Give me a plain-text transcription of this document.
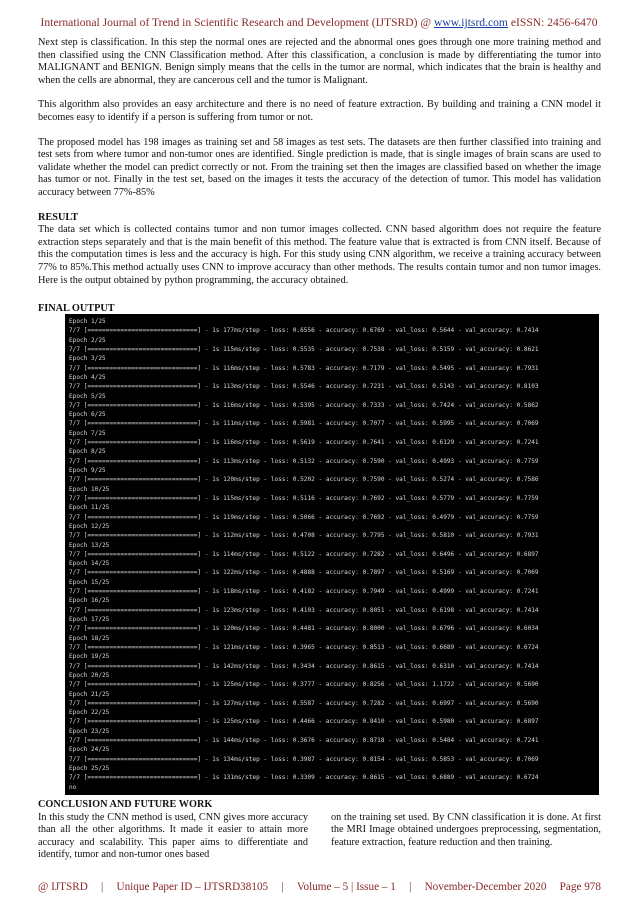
International Journal of Trend in Scientific Research and Development (IJTSRD) @ www.ijtsrd.com eISSN: 2456-6470

Next step is classification. In this step the normal ones are rejected and the abnormal ones goes through one more training method and then classified using the CNN Classification method. After this classification, a conclusion is made by differentiating the tumor into MALIGNANT and BENIGN. Benign simply means that the cells in the tumor are normal, which indicates that the brain is healthy and when the cells are abnormal, they are cancerous cell and the tumor is Malignant.

This algorithm also provides an easy architecture and there is no need of feature extraction. By building and training a CNN model it becomes easy to identify if a person is suffering from tumor or not.

The proposed model has 198 images as training set and 58 images as test sets. The datasets are then further classified into training and test sets from where tumor and non-tumor ones are identified. Single prediction is made, that is single images of brain scans are used to validate whether the model can predict correctly or not. From the training set then the images are classified based on whether the image has tumor or not. Finally in the test set, based on the images it tests the accuracy of the detection of tumor. This model has validation accuracy between 77%-85%

RESULT

The data set which is collected contains tumor and non tumor images collected. CNN based algorithm does not require the feature extraction steps separately and that is the main benefit of this method. The feature value that is extracted is from CNN itself. Because of this the computation times is less and the accuracy is high. For this study using CNN algorithm, we receive a training accuracy between 77% to 85%.This method actually uses CNN to improve accuracy than other methods. The results contain tumor and non tumor images. Here is the output obtained by python programming, the accuracy obtained.

FINAL OUTPUT
Epoch 1/25
7/7 [==============================] - 1s 177ms/step - loss: 0.6556 - accuracy: 0.6769 - val_loss: 0.5644 - val_accuracy: 0.7414
Epoch 2/25
7/7 [==============================] - 1s 115ms/step - loss: 0.5535 - accuracy: 0.7538 - val_loss: 0.5159 - val_accuracy: 0.8621
Epoch 3/25
7/7 [==============================] - 1s 116ms/step - loss: 0.5783 - accuracy: 0.7179 - val_loss: 0.5495 - val_accuracy: 0.7931
Epoch 4/25
7/7 [==============================] - 1s 113ms/step - loss: 0.5546 - accuracy: 0.7231 - val_loss: 0.5143 - val_accuracy: 0.8103
Epoch 5/25
7/7 [==============================] - 1s 116ms/step - loss: 0.5395 - accuracy: 0.7333 - val_loss: 0.7424 - val_accuracy: 0.5862
Epoch 6/25
7/7 [==============================] - 1s 111ms/step - loss: 0.5981 - accuracy: 0.7077 - val_loss: 0.5995 - val_accuracy: 0.7069
Epoch 7/25
7/7 [==============================] - 1s 116ms/step - loss: 0.5619 - accuracy: 0.7641 - val_loss: 0.6129 - val_accuracy: 0.7241
Epoch 8/25
7/7 [==============================] - 1s 113ms/step - loss: 0.5132 - accuracy: 0.7590 - val_loss: 0.4993 - val_accuracy: 0.7759
Epoch 9/25
7/7 [==============================] - 1s 120ms/step - loss: 0.5202 - accuracy: 0.7590 - val_loss: 0.5274 - val_accuracy: 0.7586
Epoch 10/25
7/7 [==============================] - 1s 115ms/step - loss: 0.5116 - accuracy: 0.7692 - val_loss: 0.5779 - val_accuracy: 0.7759
Epoch 11/25
7/7 [==============================] - 1s 119ms/step - loss: 0.5066 - accuracy: 0.7692 - val_loss: 0.4979 - val_accuracy: 0.7759
Epoch 12/25
7/7 [==============================] - 1s 112ms/step - loss: 0.4708 - accuracy: 0.7795 - val_loss: 0.5810 - val_accuracy: 0.7931
Epoch 13/25
7/7 [==============================] - 1s 114ms/step - loss: 0.5122 - accuracy: 0.7282 - val_loss: 0.6496 - val_accuracy: 0.6897
Epoch 14/25
7/7 [==============================] - 1s 122ms/step - loss: 0.4888 - accuracy: 0.7897 - val_loss: 0.5169 - val_accuracy: 0.7069
Epoch 15/25
7/7 [==============================] - 1s 118ms/step - loss: 0.4182 - accuracy: 0.7949 - val_loss: 0.4999 - val_accuracy: 0.7241
Epoch 16/25
7/7 [==============================] - 1s 123ms/step - loss: 0.4103 - accuracy: 0.8051 - val_loss: 0.6198 - val_accuracy: 0.7414
Epoch 17/25
7/7 [==============================] - 1s 120ms/step - loss: 0.4481 - accuracy: 0.8000 - val_loss: 0.6796 - val_accuracy: 0.6034
Epoch 18/25
7/7 [==============================] - 1s 121ms/step - loss: 0.3965 - accuracy: 0.8513 - val_loss: 0.6689 - val_accuracy: 0.6724
Epoch 19/25
7/7 [==============================] - 1s 142ms/step - loss: 0.3434 - accuracy: 0.8615 - val_loss: 0.6310 - val_accuracy: 0.7414
Epoch 20/25
7/7 [==============================] - 1s 125ms/step - loss: 0.3777 - accuracy: 0.8256 - val_loss: 1.1722 - val_accuracy: 0.5690
Epoch 21/25
7/7 [==============================] - 1s 127ms/step - loss: 0.5587 - accuracy: 0.7282 - val_loss: 0.6997 - val_accuracy: 0.5690
Epoch 22/25
7/7 [==============================] - 1s 125ms/step - loss: 0.4466 - accuracy: 0.8410 - val_loss: 0.5980 - val_accuracy: 0.6897
Epoch 23/25
7/7 [==============================] - 1s 144ms/step - loss: 0.3676 - accuracy: 0.8718 - val_loss: 0.5484 - val_accuracy: 0.7241
Epoch 24/25
7/7 [==============================] - 1s 134ms/step - loss: 0.3987 - accuracy: 0.8154 - val_loss: 0.5853 - val_accuracy: 0.7069
Epoch 25/25
7/7 [==============================] - 1s 131ms/step - loss: 0.3309 - accuracy: 0.8615 - val_loss: 0.6889 - val_accuracy: 0.6724
no
CONCLUSION AND FUTURE WORK

In this study the CNN method is used, CNN gives more accuracy than all the other algorithms. It made it easier to attain more accuracy and scalability. This paper aims to differentiate and identify, tumor and non-tumor ones based

on the training set used. By CNN classification it is done. At first the MRI Image obtained undergoes preprocessing, segmentation, feature extraction, feature reduction and then training.

@ IJTSRD | Unique Paper ID – IJTSRD38105 | Volume – 5 | Issue – 1 | November-December 2020 Page 978
